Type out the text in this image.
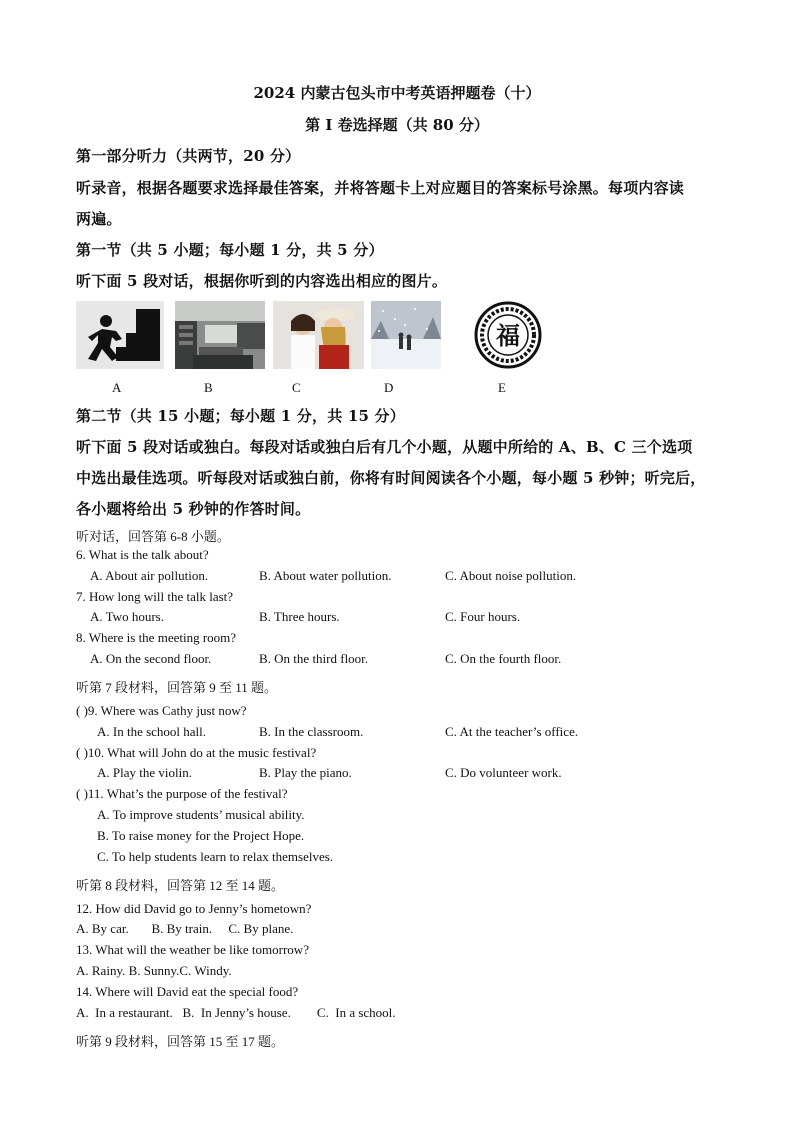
2024 内蒙古包头市中考英语押题卷（十）
第 I 卷选择题（共 80 分）
第一部分听力（共两节，20 分）
听录音，根据各题要求选择最佳答案，并将答题卡上对应题目的答案标号涂黑。每项内容读
两遍。
第一节（共 5 小题；每小题 1 分，共 5 分）
听下面 5 段对话，根据你听到的内容选出相应的图片。
福
A	B	C	D	E
第二节（共 15 小题；每小题 1 分，共 15 分）
听下面 5 段对话或独白。每段对话或独白后有几个小题，从题中所给的 A、B、C 三个选项
中选出最佳选项。听每段对话或独白前，你将有时间阅读各个小题，每小题 5 秒钟；听完后，
各小题将给出 5 秒钟的作答时间。
听对话，回答第 6-8 小题。
6. What is the talk about?
A. About air pollution.	B. About water pollution.	C. About noise pollution.
7. How long will the talk last?
A. Two hours.	B. Three hours.	C. Four hours.
8. Where is the meeting room?
A. On the second floor.	B. On the third floor.	C. On the fourth floor.
听第 7 段材料，回答第 9 至 11 题。
( )9. Where was Cathy just now?
A. In the school hall.	B. In the classroom.	C. At the teacher’s office.
( )10. What will John do at the music festival?
A. Play the violin.	B. Play the piano.	C. Do volunteer work.
( )11. What’s the purpose of the festival?
A. To improve students’ musical ability.
B. To raise money for the Project Hope.
C. To help students learn to relax themselves.
听第 8 段材料，回答第 12 至 14 题。
12. How did David go to Jenny’s hometown?
A. By car.       B. By train.     C. By plane.
13. What will the weather be like tomorrow?
A. Rainy. B. Sunny.C. Windy.
14. Where will David eat the special food?
A.  In a restaurant.   B.  In Jenny’s house.        C.  In a school.
听第 9 段材料，回答第 15 至 17 题。
